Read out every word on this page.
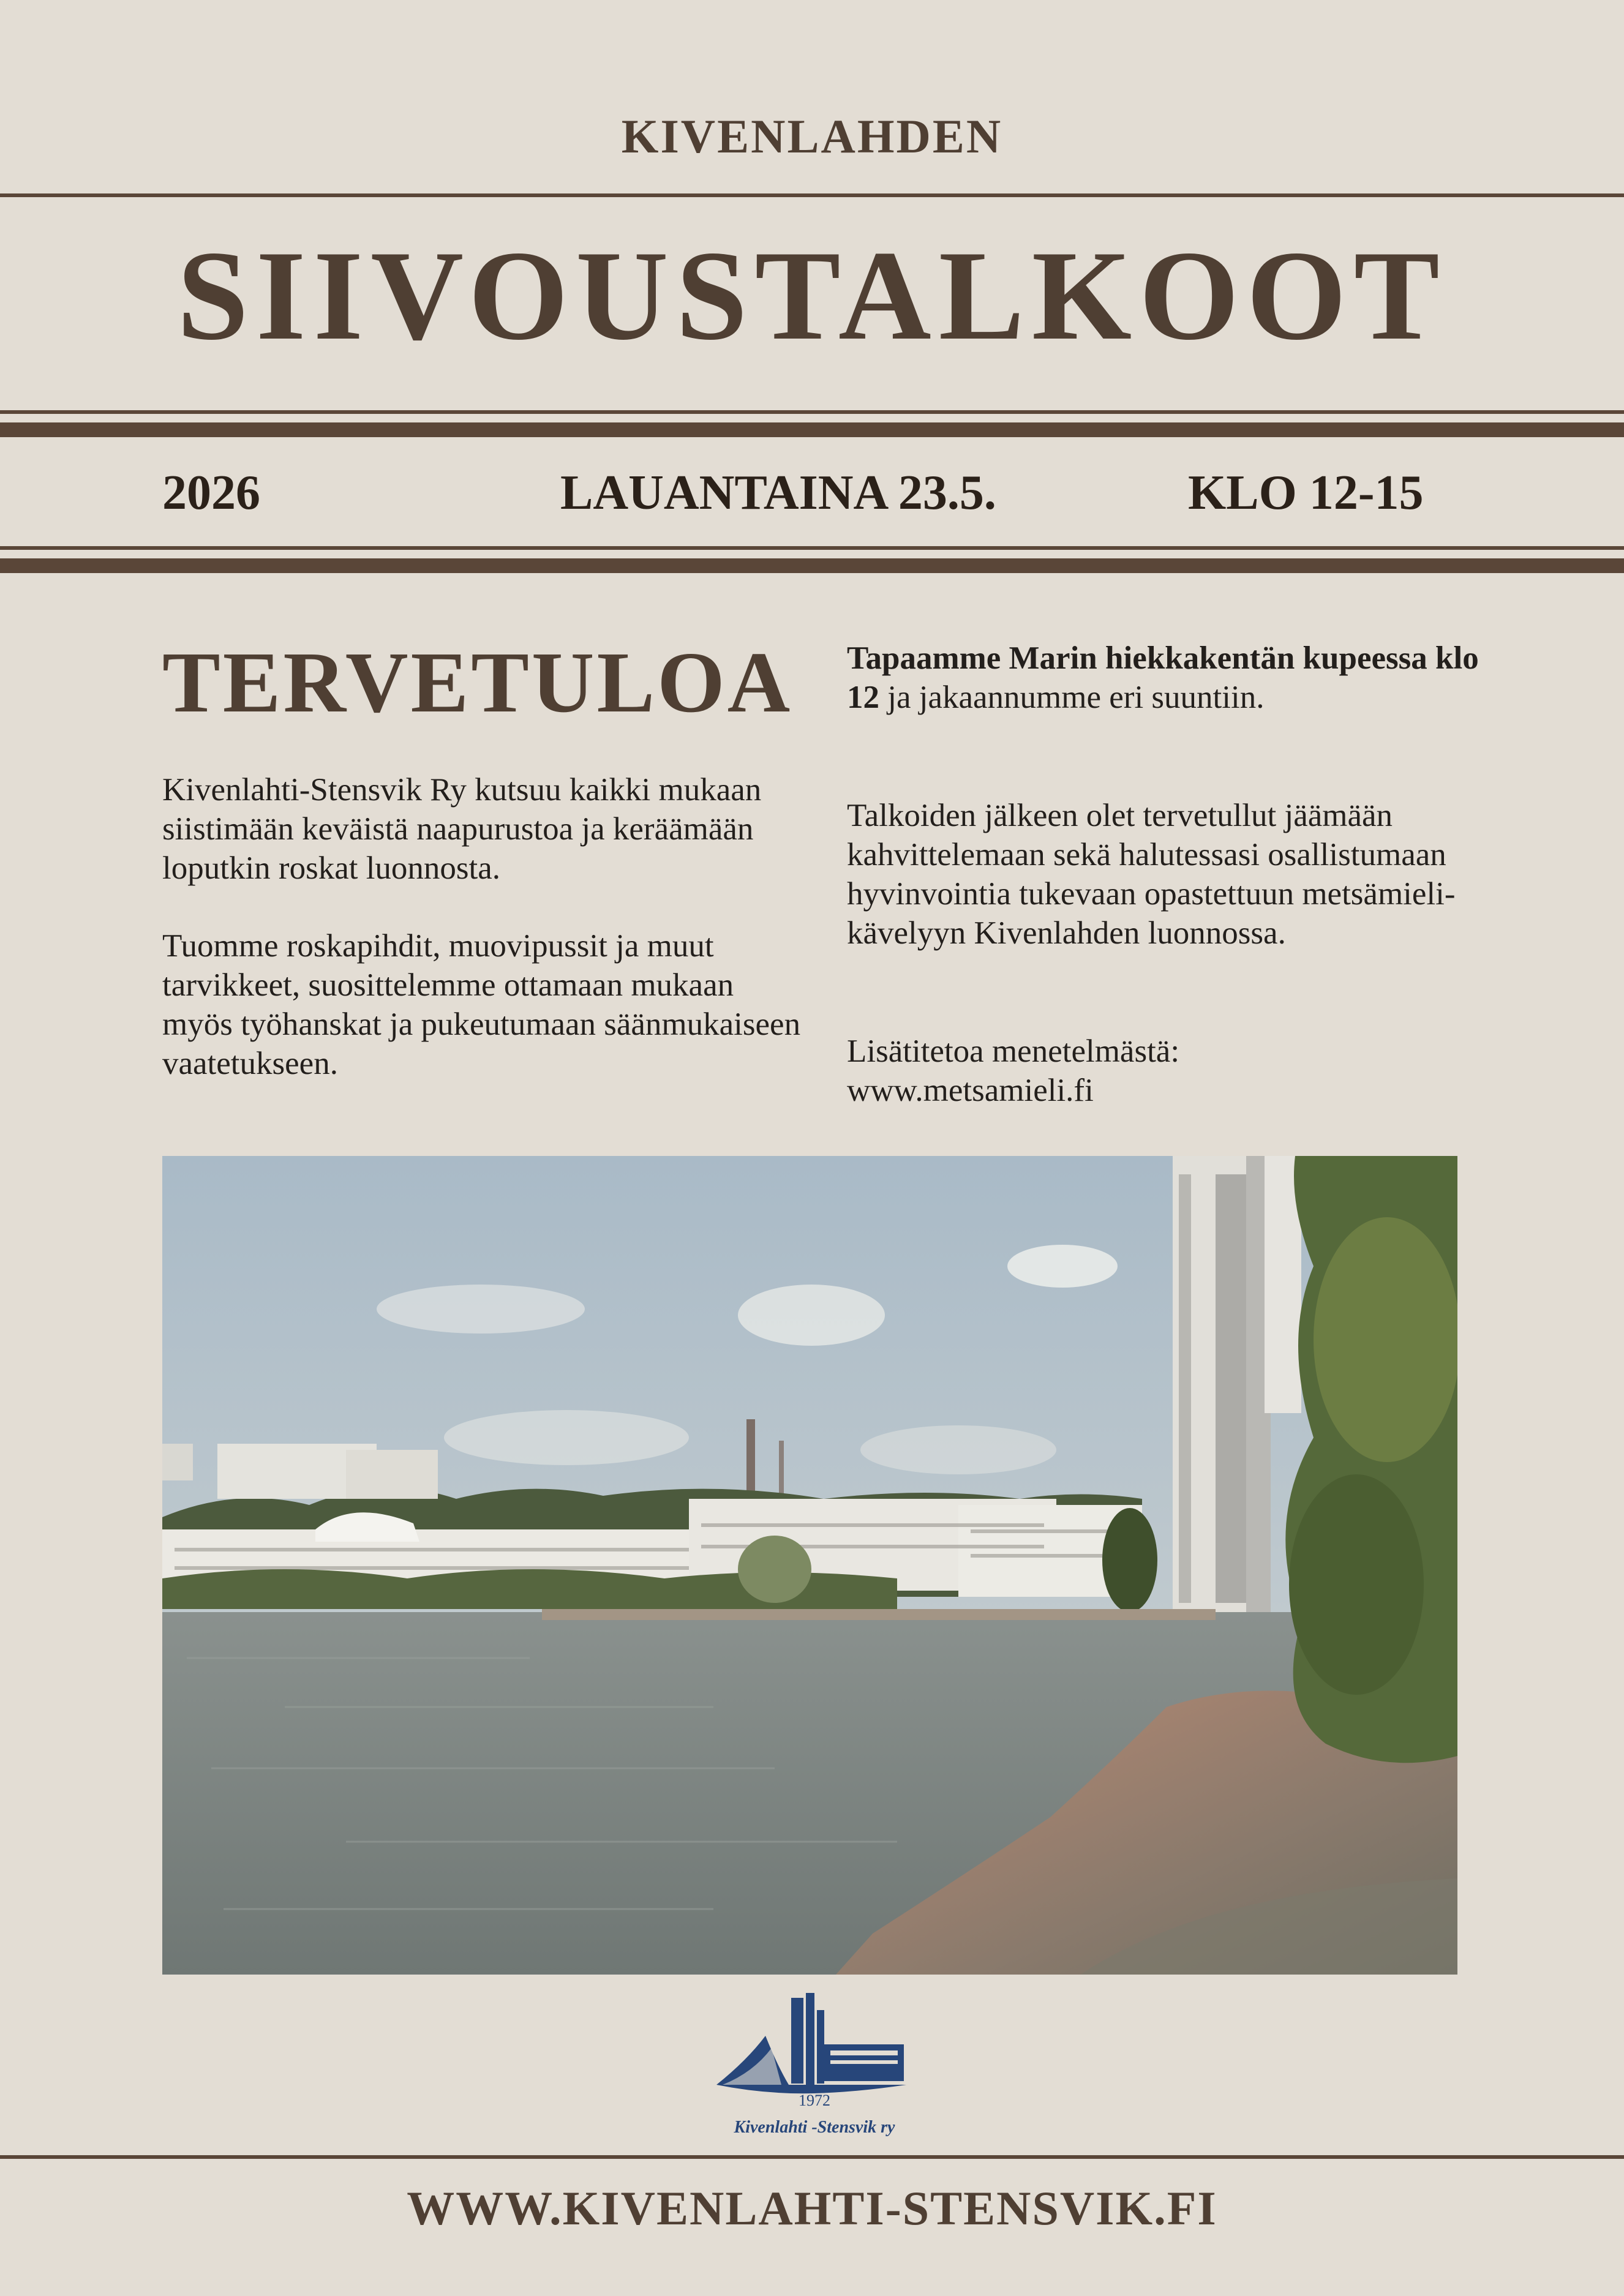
KIVENLAHDEN
SIIVOUSTALKOOT
2026	LAUANTAINA 23.5.	KLO 12-15
TERVETULOA

Kivenlahti-Stensvik Ry kutsuu kaikki mukaan siistimään keväistä naapurustoa ja keräämään loputkin roskat luonnosta.

Tuomme roskapihdit, muovipussit ja muut tarvikkeet, suosittelemme ottamaan mukaan myös työhanskat ja pukeutumaan säänmukaiseen vaatetukseen.

Tapaamme Marin hiekkakentän kupeessa klo 12 ja jakaannumme eri suuntiin.

Talkoiden jälkeen olet tervetullut jäämään kahvittelemaan sekä halutessasi osallistumaan hyvinvointia tukevaan opastettuun metsämieli-kävelyyn Kivenlahden luonnossa.

Lisätitetoa menetelmästä:
www.metsamieli.fi

1972
Kivenlahti -Stensvik ry
WWW.KIVENLAHTI-STENSVIK.FI
